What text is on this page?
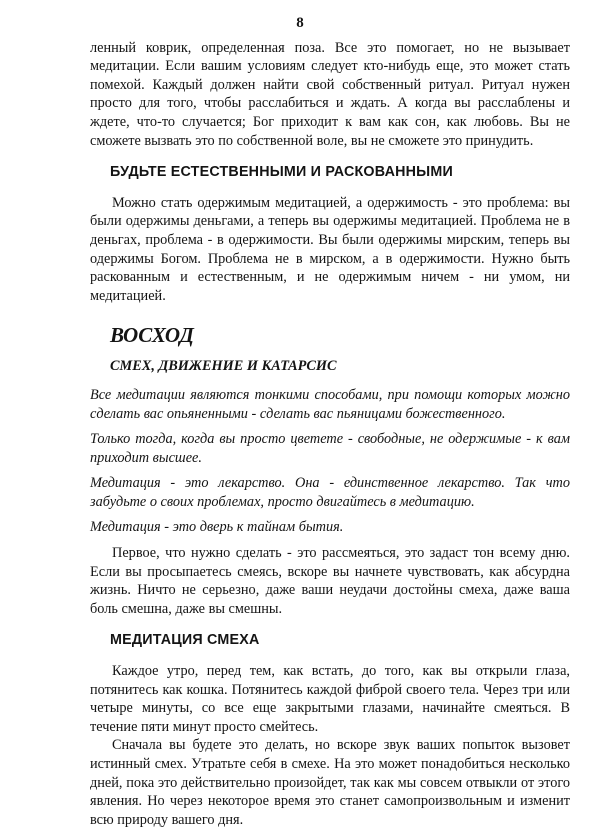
8

ленный коврик, определенная поза. Все это помогает, но не вызывает медитации. Если вашим условиям следует кто-нибудь еще, это может стать помехой. Каждый должен найти свой собственный ритуал. Ритуал нужен просто для того, чтобы расслабиться и ждать. А когда вы расслаблены и ждете, что-то случается; Бог приходит к вам как сон, как любовь. Вы не сможете вызвать это по собственной воле, вы не сможете это принудить.

БУДЬТЕ ЕСТЕСТВЕННЫМИ И РАСКОВАННЫМИ

Можно стать одержимым медитацией, а одержимость - это проблема: вы были одержимы деньгами, а теперь вы одержимы медитацией. Проблема не в деньгах, проблема - в одержимости. Вы были одержимы мирским, теперь вы одержимы Богом. Проблема не в мирском, а в одержимости. Нужно быть раскованным и естественным, и не одержимым ничем - ни умом, ни медитацией.

ВОСХОД
СМЕХ, ДВИЖЕНИЕ И КАТАРСИС

Все медитации являются тонкими способами, при помощи которых можно сделать вас опьяненными - сделать вас пьяницами божественного.

Только тогда, когда вы просто цветете - свободные, не одержимые - к вам приходит высшее.

Медитация - это лекарство. Она - единственное лекарство. Так что забудьте о своих проблемах, просто двигайтесь в медитацию.

Медитация - это дверь к тайнам бытия.

Первое, что нужно сделать - это рассмеяться, это задаст тон всему дню. Если вы просыпаетесь смеясь, вскоре вы начнете чувствовать, как абсурдна жизнь. Ничто не серьезно, даже ваши неудачи достойны смеха, даже ваша боль смешна, даже вы смешны.

МЕДИТАЦИЯ СМЕХА

Каждое утро, перед тем, как встать, до того, как вы открыли глаза, потянитесь как кошка. Потянитесь каждой фиброй своего тела. Через три или четыре минуты, со все еще закрытыми глазами, начинайте смеяться. В течение пяти минут просто смейтесь.

Сначала вы будете это делать, но вскоре звук ваших попыток вызовет истинный смех. Утратьте себя в смехе. На это может понадобиться несколько дней, пока это действительно произойдет, так как мы совсем отвыкли от этого явления. Но через некоторое время это станет самопроизвольным и изменит всю природу вашего дня.
